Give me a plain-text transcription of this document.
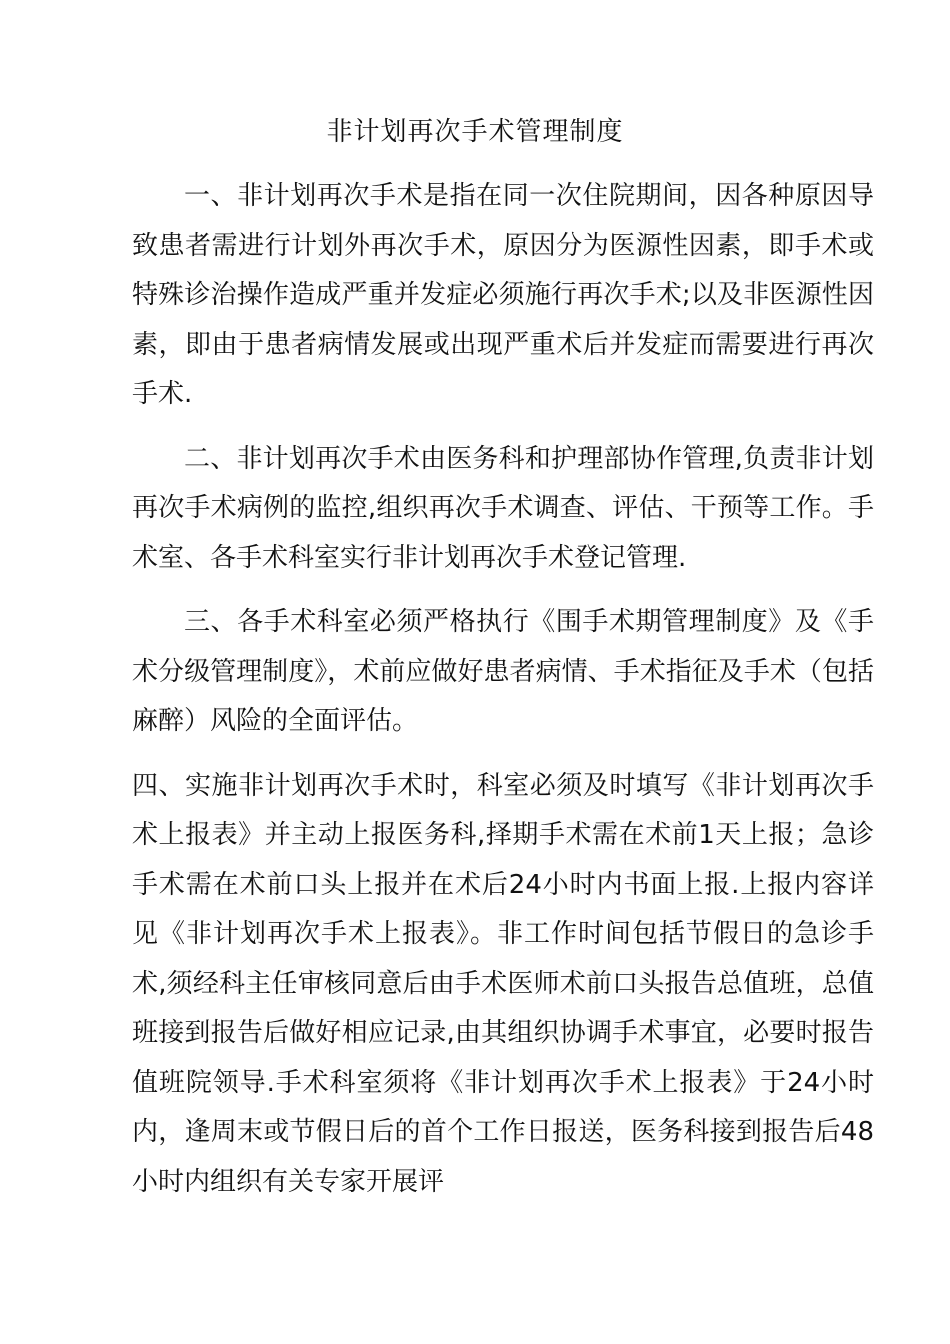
非计划再次手术管理制度

一、非计划再次手术是指在同一次住院期间，因各种原因导致患者需进行计划外再次手术，原因分为医源性因素，即手术或特殊诊治操作造成严重并发症必须施行再次手术;以及非医源性因素，即由于患者病情发展或出现严重术后并发症而需要进行再次手术.

二、非计划再次手术由医务科和护理部协作管理,负责非计划再次手术病例的监控,组织再次手术调查、评估、干预等工作。手术室、各手术科室实行非计划再次手术登记管理.

三、各手术科室必须严格执行《围手术期管理制度》及《手术分级管理制度》，术前应做好患者病情、手术指征及手术（包括麻醉）风险的全面评估。

四、实施非计划再次手术时，科室必须及时填写《非计划再次手术上报表》并主动上报医务科,择期手术需在术前1天上报；急诊手术需在术前口头上报并在术后24小时内书面上报.上报内容详见《非计划再次手术上报表》。非工作时间包括节假日的急诊手术,须经科主任审核同意后由手术医师术前口头报告总值班，总值班接到报告后做好相应记录,由其组织协调手术事宜，必要时报告值班院领导.手术科室须将《非计划再次手术上报表》于24小时内，逢周末或节假日后的首个工作日报送，医务科接到报告后48小时内组织有关专家开展评
